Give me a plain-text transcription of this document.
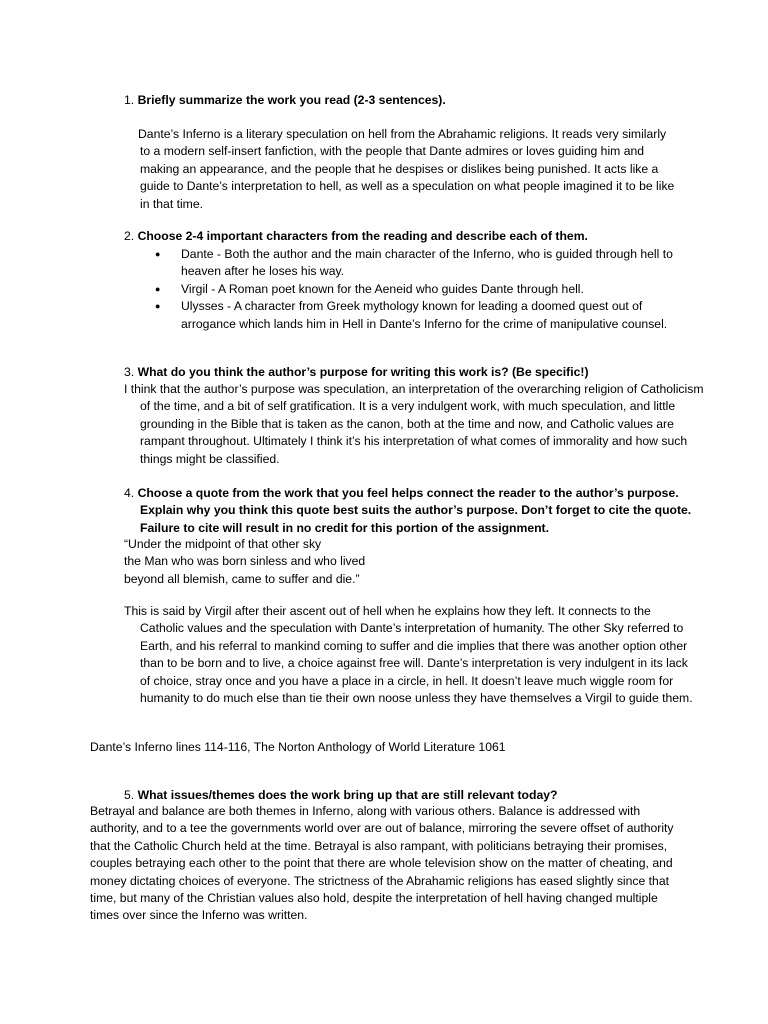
1. Briefly summarize the work you read (2-3 sentences).

Dante’s Inferno is a literary speculation on hell from the Abrahamic religions. It reads very similarly to a modern self-insert fanfiction, with the people that Dante admires or loves guiding him and making an appearance, and the people that he despises or dislikes being punished. It acts like a guide to Dante’s interpretation to hell, as well as a speculation on what people imagined it to be like in that time.

2. Choose 2-4 important characters from the reading and describe each of them.
● Dante - Both the author and the main character of the Inferno, who is guided through hell to heaven after he loses his way.
● Virgil - A Roman poet known for the Aeneid who guides Dante through hell.
● Ulysses - A character from Greek mythology known for leading a doomed quest out of arrogance which lands him in Hell in Dante’s Inferno for the crime of manipulative counsel.
3. What do you think the author’s purpose for writing this work is? (Be specific!)

I think that the author’s purpose was speculation, an interpretation of the overarching religion of Catholicism of the time, and a bit of self gratification. It is a very indulgent work, with much speculation, and little grounding in the Bible that is taken as the canon, both at the time and now, and Catholic values are rampant throughout. Ultimately I think it’s his interpretation of what comes of immorality and how such things might be classified.

4. Choose a quote from the work that you feel helps connect the reader to the author’s purpose. Explain why you think this quote best suits the author’s purpose. Don’t forget to cite the quote. Failure to cite will result in no credit for this portion of the assignment.
“Under the midpoint of that other sky
the Man who was born sinless and who lived
beyond all blemish, came to suffer and die.”

This is said by Virgil after their ascent out of hell when he explains how they left. It connects to the Catholic values and the speculation with Dante’s interpretation of humanity. The other Sky referred to Earth, and his referral to mankind coming to suffer and die implies that there was another option other than to be born and to live, a choice against free will. Dante’s interpretation is very indulgent in its lack of choice, stray once and you have a place in a circle, in hell. It doesn’t leave much wiggle room for humanity to do much else than tie their own noose unless they have themselves a Virgil to guide them.

Dante’s Inferno lines 114-116, The Norton Anthology of World Literature 1061

5. What issues/themes does the work bring up that are still relevant today?

Betrayal and balance are both themes in Inferno, along with various others. Balance is addressed with authority, and to a tee the governments world over are out of balance, mirroring the severe offset of authority that the Catholic Church held at the time. Betrayal is also rampant, with politicians betraying their promises, couples betraying each other to the point that there are whole television show on the matter of cheating, and money dictating choices of everyone. The strictness of the Abrahamic religions has eased slightly since that time, but many of the Christian values also hold, despite the interpretation of hell having changed multiple times over since the Inferno was written.
